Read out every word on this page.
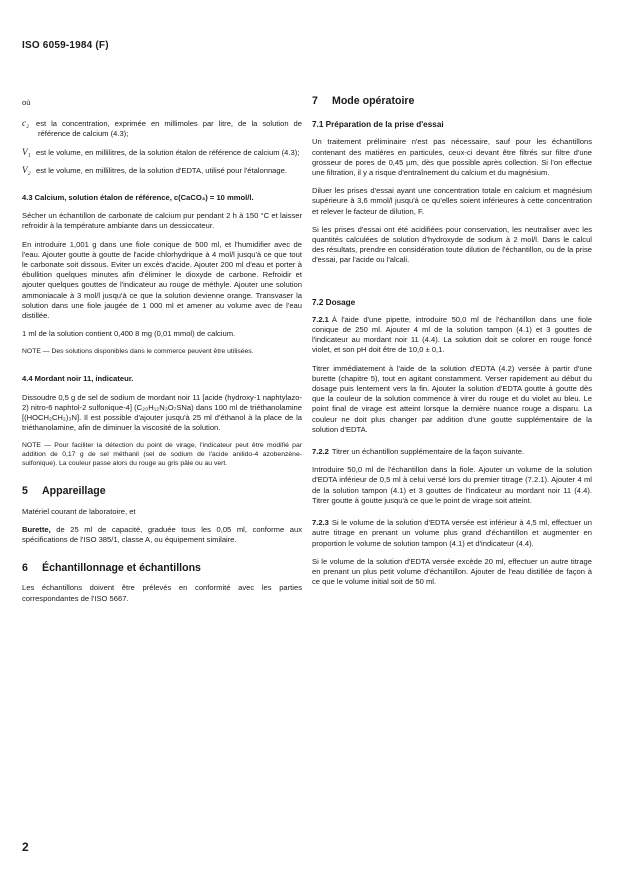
ISO 6059-1984 (F)

où

c₂ est la concentration, exprimée en millimoles par litre, de la solution de référence de calcium (4.3);

V₁ est le volume, en millilitres, de la solution étalon de référence de calcium (4.3);

V₂ est le volume, en millilitres, de la solution d'EDTA, utilisé pour l'étalonnage.

4.3 Calcium, solution étalon de référence, c(CaCO₃) = 10 mmol/l.

Sécher un échantillon de carbonate de calcium pur pendant 2 h à 150 °C et laisser refroidir à la température ambiante dans un dessiccateur.

En introduire 1,001 g dans une fiole conique de 500 ml, et l'humidifier avec de l'eau. Ajouter goutte à goutte de l'acide chlorhydrique à 4 mol/l jusqu'à ce que tout le carbonate soit dissous. Eviter un excès d'acide. Ajouter 200 ml d'eau et porter à ébullition quelques minutes afin d'éliminer le dioxyde de carbone. Refroidir et ajouter quelques gouttes de l'indicateur au rouge de méthyle. Ajouter une solution ammoniacale à 3 mol/l jusqu'à ce que la solution devienne orange. Transvaser la solution dans une fiole jaugée de 1 000 ml et amener au volume avec de l'eau distillée.

1 ml de la solution contient 0,400 8 mg (0,01 mmol) de calcium.

NOTE — Des solutions disponibles dans le commerce peuvent être utilisées.

4.4 Mordant noir 11, indicateur.

Dissoudre 0,5 g de sel de sodium de mordant noir 11 [acide (hydroxy-1 naphtylazo-2) nitro-6 naphtol-2 sulfonique-4] (C₂₀H₁₂N₃O₇SNa) dans 100 ml de triéthanolamine [(HOCH₂CH₂)₃N]. Il est possible d'ajouter jusqu'à 25 ml d'éthanol à la place de la triéthanolamine, afin de diminuer la viscosité de la solution.

NOTE — Pour faciliter la détection du point de virage, l'indicateur peut être modifié par addition de 0,17 g de sel méthanil (sel de sodium de l'acide anilido-4 azobenzène-sulfonique). La couleur passe alors du rouge au gris pâle ou au vert.

5 Appareillage

Matériel courant de laboratoire, et

Burette, de 25 ml de capacité, graduée tous les 0,05 ml, conforme aux spécifications de l'ISO 385/1, classe A, ou équipement similaire.

6 Échantillonnage et échantillons

Les échantillons doivent être prélevés en conformité avec les parties correspondantes de l'ISO 5667.

7 Mode opératoire
7.1 Préparation de la prise d'essai

Un traitement préliminaire n'est pas nécessaire, sauf pour les échantillons contenant des matières en particules, ceux-ci devant être filtrés sur filtre d'une grosseur de pores de 0,45 µm, dès que possible après collection. Si l'on effectue une filtration, il y a risque d'entraînement du calcium et du magnésium.

Diluer les prises d'essai ayant une concentration totale en calcium et magnésium supérieure à 3,6 mmol/l jusqu'à ce qu'elles soient inférieures à cette concentration et relever le facteur de dilution, F.

Si les prises d'essai ont été acidifiées pour conservation, les neutraliser avec les quantités calculées de solution d'hydroxyde de sodium à 2 mol/l. Dans le calcul des résultats, prendre en considération toute dilution de l'échantillon, ou de la prise d'essai, par l'acide ou l'alcali.

7.2 Dosage

7.2.1 À l'aide d'une pipette, introduire 50,0 ml de l'échantillon dans une fiole conique de 250 ml. Ajouter 4 ml de la solution tampon (4.1) et 3 gouttes de l'indicateur au mordant noir 11 (4.4). La solution doit se colorer en rouge foncé violet, et son pH doit être de 10,0 ± 0,1.

Titrer immédiatement à l'aide de la solution d'EDTA (4.2) versée à partir d'une burette (chapitre 5), tout en agitant constamment. Verser rapidement au début du dosage puis lentement vers la fin. Ajouter la solution d'EDTA goutte à goutte dès que la couleur de la solution commence à virer du rouge et du violet au bleu. Le point final de virage est atteint lorsque la dernière nuance rouge a disparu. La couleur ne doit plus changer par addition d'une goutte supplémentaire de la solution d'EDTA.

7.2.2 Titrer un échantillon supplémentaire de la façon suivante.

Introduire 50,0 ml de l'échantillon dans la fiole. Ajouter un volume de la solution d'EDTA inférieur de 0,5 ml à celui versé lors du premier titrage (7.2.1). Ajouter 4 ml de la solution tampon (4.1) et 3 gouttes de l'indicateur au mordant noir 11 (4.4). Titrer goutte à goutte jusqu'à ce que le point de virage soit atteint.

7.2.3 Si le volume de la solution d'EDTA versée est inférieur à 4,5 ml, effectuer un autre titrage en prenant un volume plus grand d'échantillon et augmenter en proportion le volume de solution tampon (4.1) et d'indicateur (4.4).

Si le volume de la solution d'EDTA versée excède 20 ml, effectuer un autre titrage en prenant un plus petit volume d'échantillon. Ajouter de l'eau distillée de façon à ce que le volume initial soit de 50 ml.

2
